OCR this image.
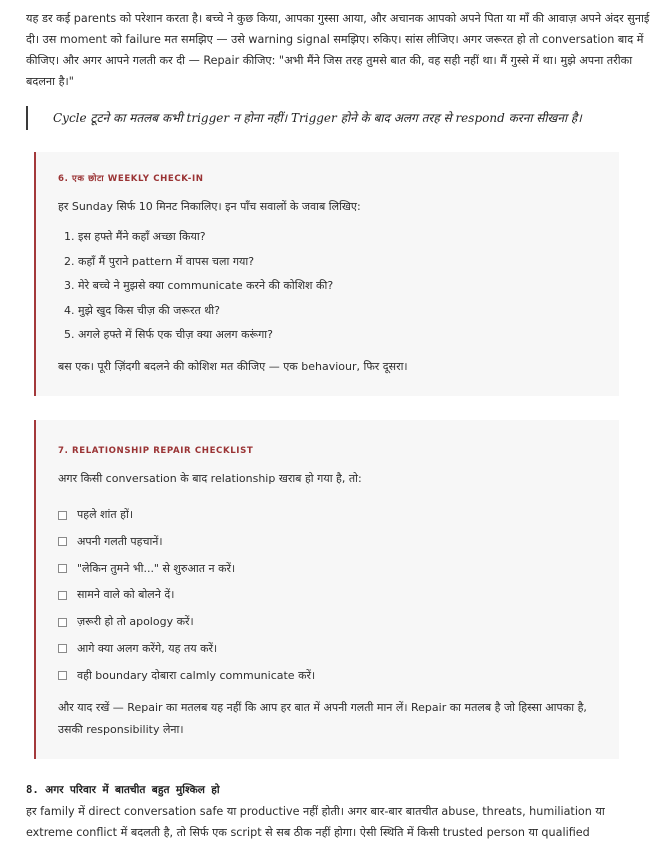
यह डर कई parents को परेशान करता है। बच्चे ने कुछ किया, आपका गुस्सा आया, और अचानक आपको अपने पिता या माँ की आवाज़ अपने अंदर सुनाई दी। उस moment को failure मत समझिए — उसे warning signal समझिए। रुकिए। सांस लीजिए। अगर जरूरत हो तो conversation बाद में कीजिए। और अगर आपने गलती कर दी — Repair कीजिए: "अभी मैंने जिस तरह तुमसे बात की, वह सही नहीं था। मैं गुस्से में था। मुझे अपना तरीका बदलना है।"

Cycle टूटने का मतलब कभी trigger न होना नहीं। Trigger होने के बाद अलग तरह से respond करना सीखना है।
6. एक छोटा WEEKLY CHECK-IN

हर Sunday सिर्फ 10 मिनट निकालिए। इन पाँच सवालों के जवाब लिखिए:

1. इस हफ्ते मैंने कहाँ अच्छा किया?
2. कहाँ मैं पुराने pattern में वापस चला गया?
3. मेरे बच्चे ने मुझसे क्या communicate करने की कोशिश की?
4. मुझे खुद किस चीज़ की जरूरत थी?
5. अगले हफ्ते में सिर्फ एक चीज़ क्या अलग करूंगा?

बस एक। पूरी ज़िंदगी बदलने की कोशिश मत कीजिए — एक behaviour, फिर दूसरा।

7. RELATIONSHIP REPAIR CHECKLIST

अगर किसी conversation के बाद relationship खराब हो गया है, तो:

पहले शांत हों।
अपनी गलती पहचानें।
"लेकिन तुमने भी..." से शुरुआत न करें।
सामने वाले को बोलने दें।
ज़रूरी हो तो apology करें।
आगे क्या अलग करेंगे, यह तय करें।
वही boundary दोबारा calmly communicate करें।

और याद रखें — Repair का मतलब यह नहीं कि आप हर बात में अपनी गलती मान लें। Repair का मतलब है जो हिस्सा आपका है, उसकी responsibility लेना।

8. अगर परिवार में बातचीत बहुत मुश्किल हो

हर family में direct conversation safe या productive नहीं होती। अगर बार-बार बातचीत abuse, threats, humiliation या extreme conflict में बदलती है, तो सिर्फ एक script से सब ठीक नहीं होगा। ऐसी स्थिति में किसी trusted person या qualified
